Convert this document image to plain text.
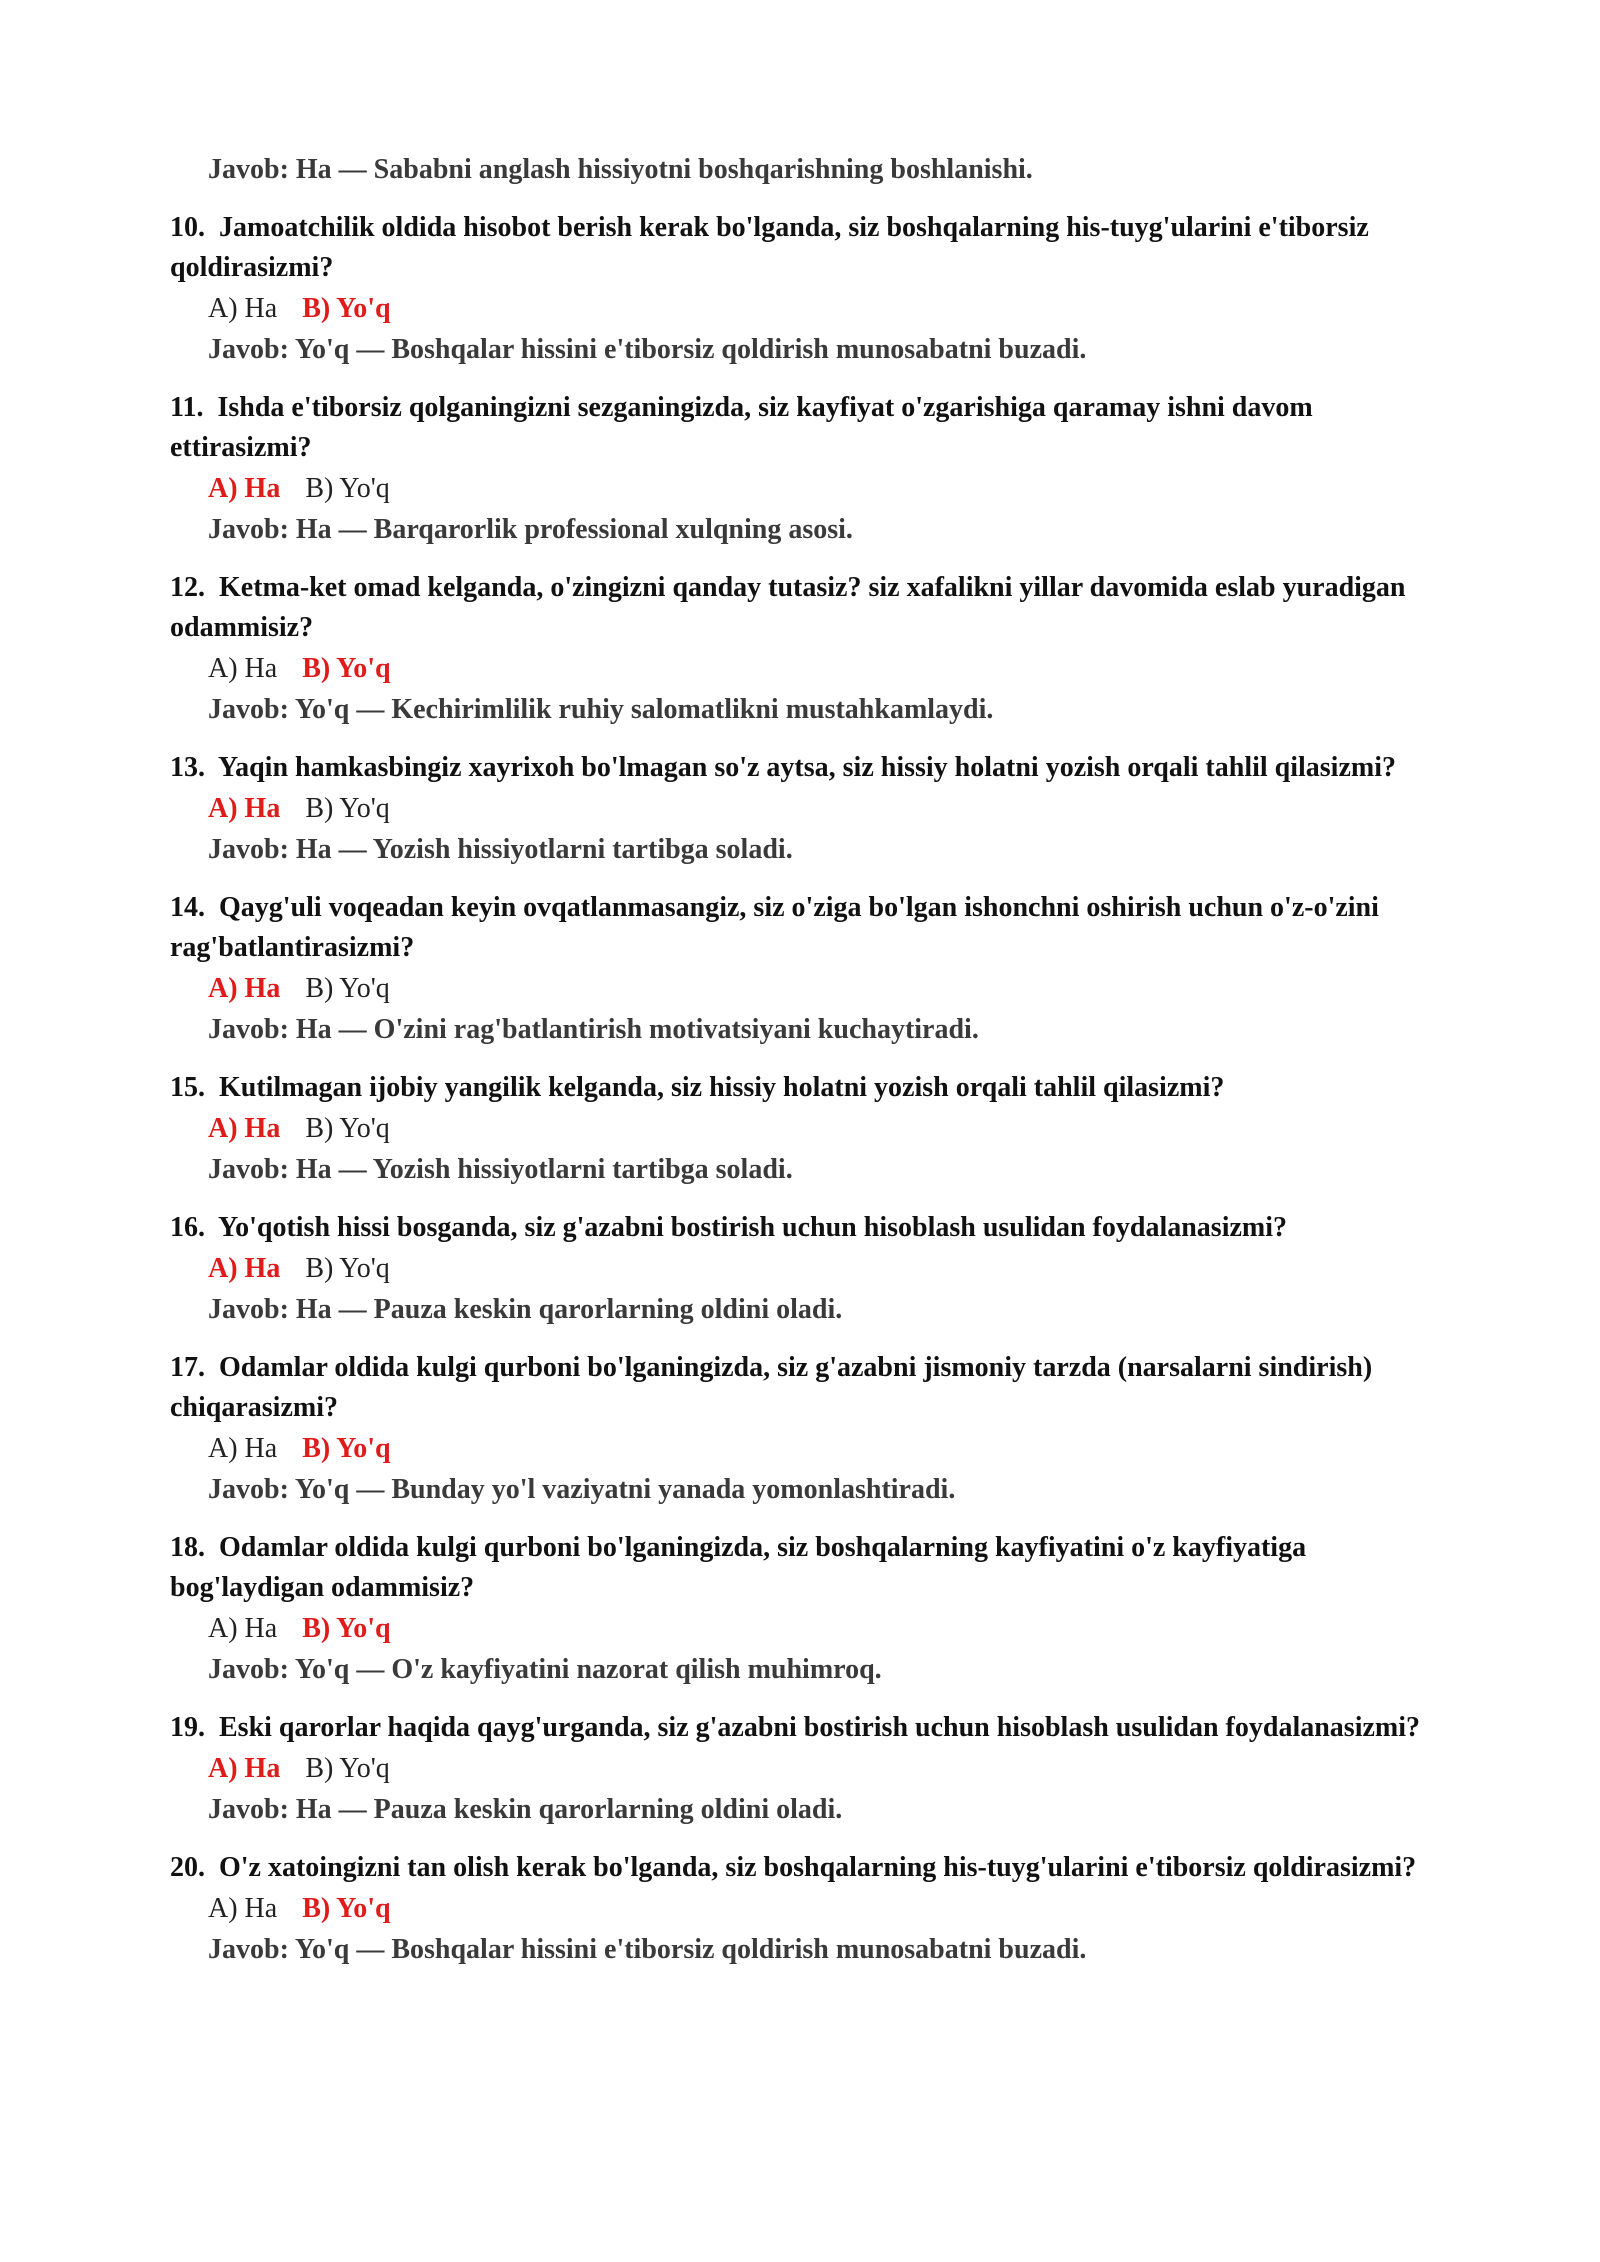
Javob: Ha — Sababni anglash hissiyotni boshqarishning boshlanishi.
10. Jamoatchilik oldida hisobot berish kerak bo'lganda, siz boshqalarning his-tuyg'ularini e'tiborsiz qoldirasizmi?
A) Ha B) Yo'q
Javob: Yo'q — Boshqalar hissini e'tiborsiz qoldirish munosabatni buzadi.
11. Ishda e'tiborsiz qolganingizni sezganingizda, siz kayfiyat o'zgarishiga qaramay ishni davom ettirasizmi?
A) Ha B) Yo'q
Javob: Ha — Barqarorlik professional xulqning asosi.
12. Ketma-ket omad kelganda, o'zingizni qanday tutasiz? siz xafalikni yillar davomida eslab yuradigan odammisiz?
A) Ha B) Yo'q
Javob: Yo'q — Kechirimlilik ruhiy salomatlikni mustahkamlaydi.
13. Yaqin hamkasbingiz xayrixoh bo'lmagan so'z aytsa, siz hissiy holatni yozish orqali tahlil qilasizmi?
A) Ha B) Yo'q
Javob: Ha — Yozish hissiyotlarni tartibga soladi.
14. Qayg'uli voqeadan keyin ovqatlanmasangiz, siz o'ziga bo'lgan ishonchni oshirish uchun o'z-o'zini rag'batlantirasizmi?
A) Ha B) Yo'q
Javob: Ha — O'zini rag'batlantirish motivatsiyani kuchaytiradi.
15. Kutilmagan ijobiy yangilik kelganda, siz hissiy holatni yozish orqali tahlil qilasizmi?
A) Ha B) Yo'q
Javob: Ha — Yozish hissiyotlarni tartibga soladi.
16. Yo'qotish hissi bosganda, siz g'azabni bostirish uchun hisoblash usulidan foydalanasizmi?
A) Ha B) Yo'q
Javob: Ha — Pauza keskin qarorlarning oldini oladi.
17. Odamlar oldida kulgi qurboni bo'lganingizda, siz g'azabni jismoniy tarzda (narsalarni sindirish) chiqarasizmi?
A) Ha B) Yo'q
Javob: Yo'q — Bunday yo'l vaziyatni yanada yomonlashtiradi.
18. Odamlar oldida kulgi qurboni bo'lganingizda, siz boshqalarning kayfiyatini o'z kayfiyatiga bog'laydigan odammisiz?
A) Ha B) Yo'q
Javob: Yo'q — O'z kayfiyatini nazorat qilish muhimroq.
19. Eski qarorlar haqida qayg'urganda, siz g'azabni bostirish uchun hisoblash usulidan foydalanasizmi?
A) Ha B) Yo'q
Javob: Ha — Pauza keskin qarorlarning oldini oladi.
20. O'z xatoingizni tan olish kerak bo'lganda, siz boshqalarning his-tuyg'ularini e'tiborsiz qoldirasizmi?
A) Ha B) Yo'q
Javob: Yo'q — Boshqalar hissini e'tiborsiz qoldirish munosabatni buzadi.
